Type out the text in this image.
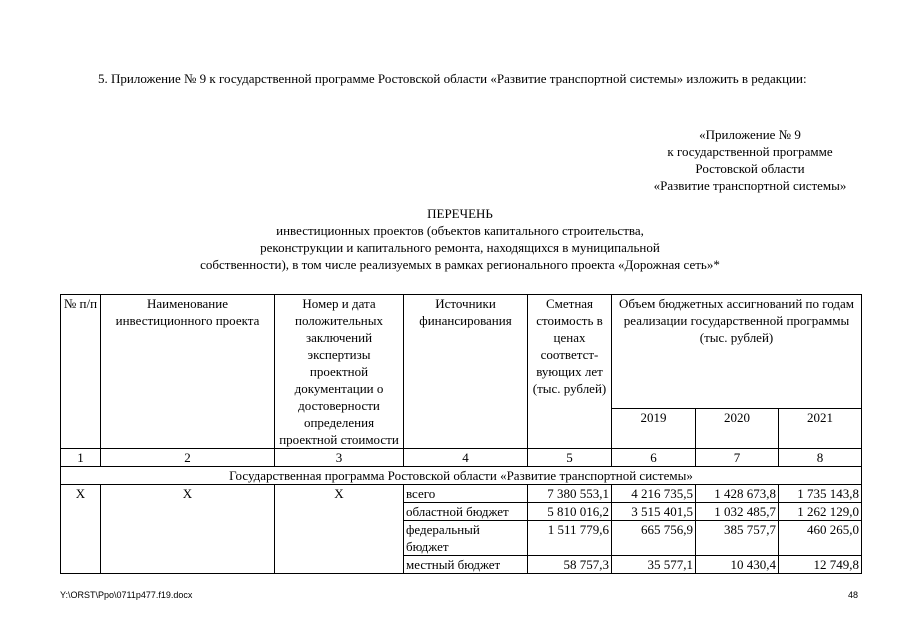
5. Приложение № 9 к государственной программе Ростовской области «Развитие транспортной системы» изложить в редакции:
«Приложение № 9
к государственной программе
Ростовской области
«Развитие транспортной системы»
ПЕРЕЧЕНЬ
инвестиционных проектов (объектов капитального строительства,
реконструкции и капитального ремонта, находящихся в муниципальной
собственности), в том числе реализуемых в рамках регионального проекта «Дорожная сеть»*
№ п/п	Наименование инвестиционного проекта	Номер и дата положительных заключений экспертизы проектной документации о достоверности определения проектной стоимости	Источники финансирования	Сметная стоимость в ценах соответст-вующих лет (тыс. рублей)	Объем бюджетных ассигнований по годам реализации государственной программы (тыс. рублей)		
					2019	2020	2021
1	2	3	4	5	6	7	8
Государственная программа Ростовской области «Развитие транспортной системы»							
Х	Х	Х	всего	7 380 553,1	4 216 735,5	1 428 673,8	1 735 143,8
			областной бюджет	5 810 016,2	3 515 401,5	1 032 485,7	1 262 129,0
			федеральный бюджет	1 511 779,6	665 756,9	385 757,7	460 265,0
			местный бюджет	58 757,3	35 577,1	10 430,4	12 749,8
Y:\ORST\Ppo\0711p477.f19.docx	48
